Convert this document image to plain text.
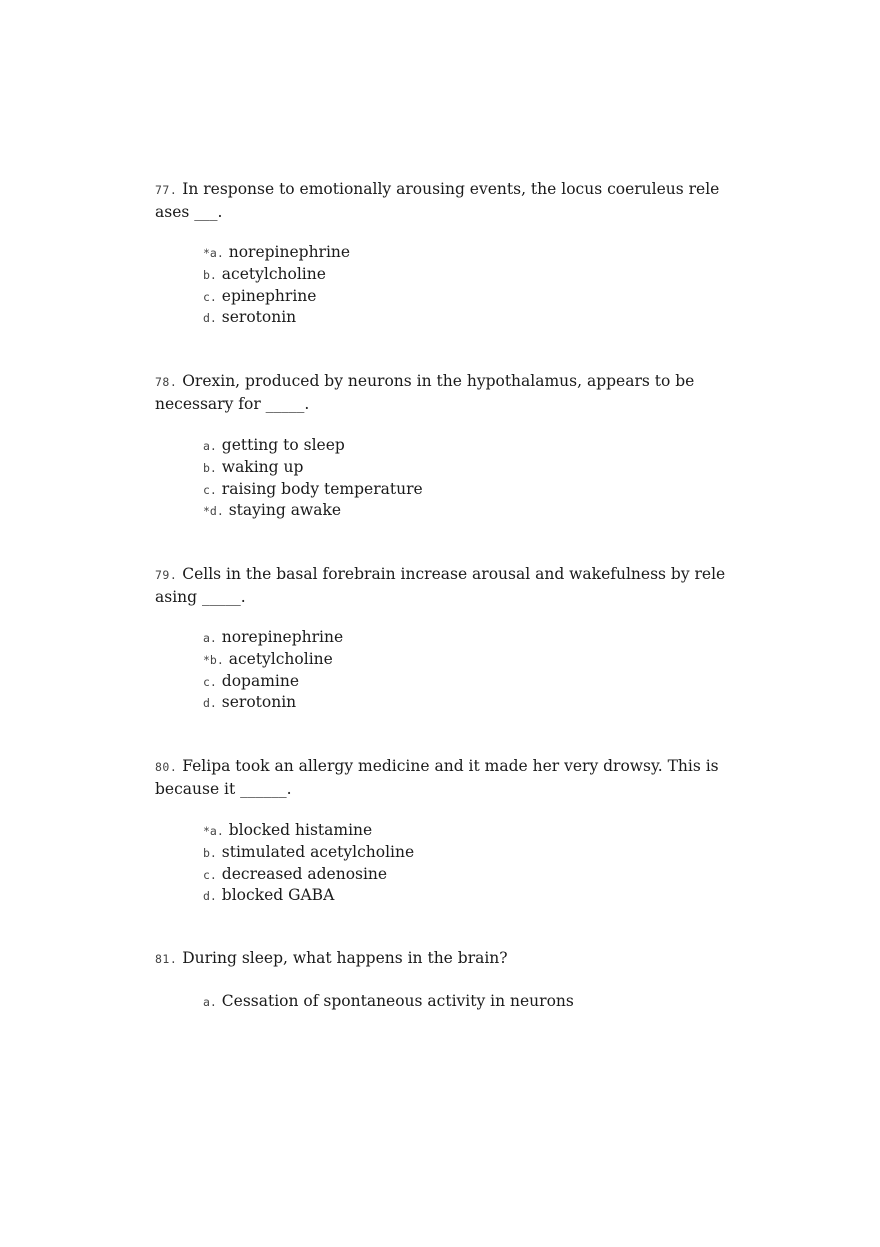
77. In response to emotionally arousing events, the locus coeruleus releases ___.

*a. norepinephrine
b. acetylcholine
c. epinephrine
d. serotonin

78. Orexin, produced by neurons in the hypothalamus, appears to be necessary for _____.

a. getting to sleep
b. waking up
c. raising body temperature
*d. staying awake

79. Cells in the basal forebrain increase arousal and wakefulness by releasing _____.

a. norepinephrine
*b. acetylcholine
c. dopamine
d. serotonin

80. Felipa took an allergy medicine and it made her very drowsy. This is because it ______.

*a. blocked histamine
b. stimulated acetylcholine
c. decreased adenosine
d. blocked GABA

81. During sleep, what happens in the brain?

a. Cessation of spontaneous activity in neurons
